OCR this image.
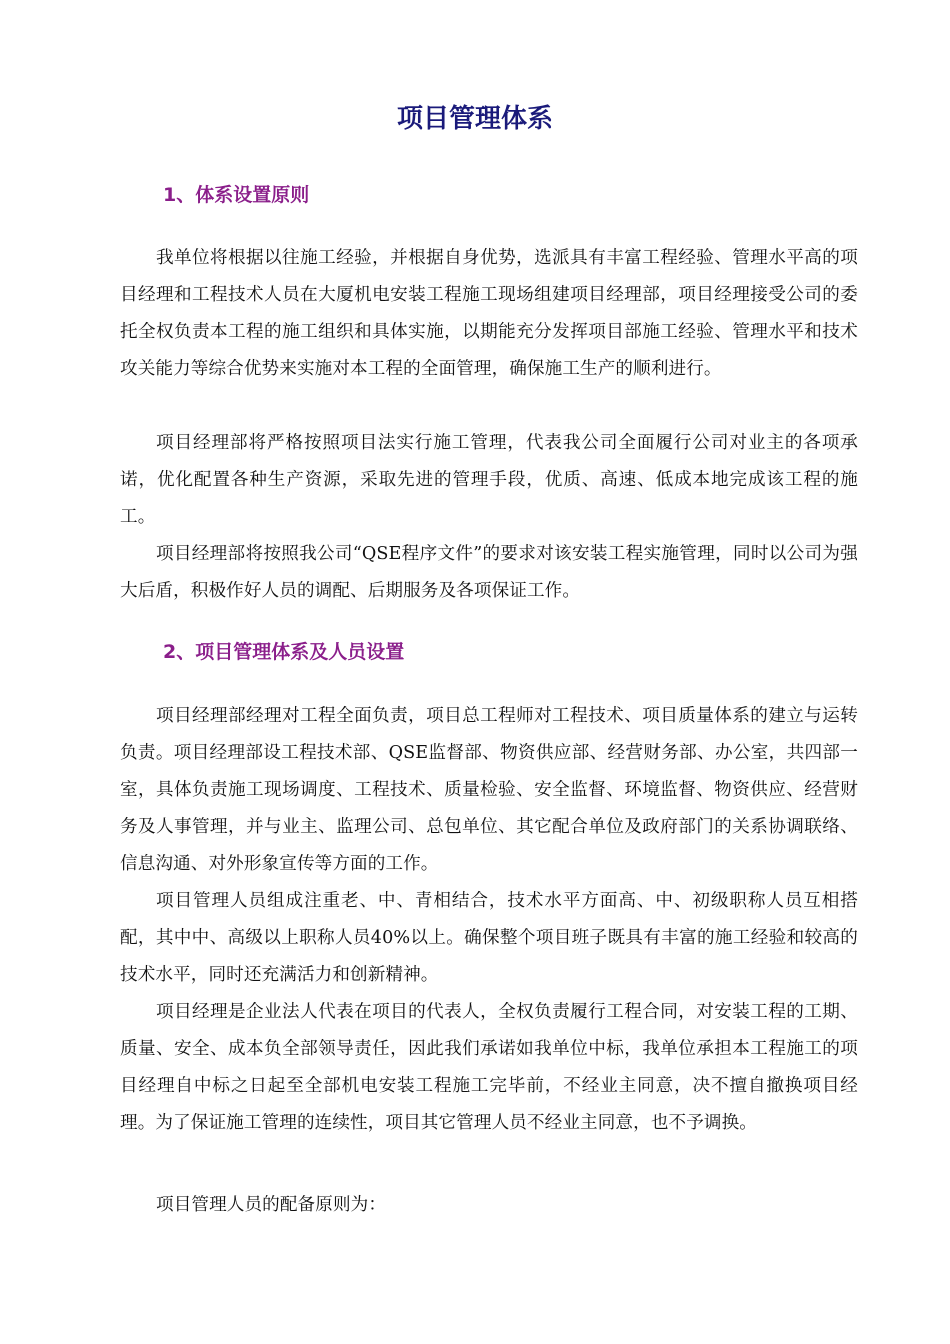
项目管理体系
1、体系设置原则

我单位将根据以往施工经验，并根据自身优势，选派具有丰富工程经验、管理水平高的项目经理和工程技术人员在大厦机电安装工程施工现场组建项目经理部，项目经理接受公司的委托全权负责本工程的施工组织和具体实施，以期能充分发挥项目部施工经验、管理水平和技术攻关能力等综合优势来实施对本工程的全面管理，确保施工生产的顺利进行。

项目经理部将严格按照项目法实行施工管理，代表我公司全面履行公司对业主的各项承诺，优化配置各种生产资源，采取先进的管理手段，优质、高速、低成本地完成该工程的施工。

项目经理部将按照我公司“QSE程序文件”的要求对该安装工程实施管理，同时以公司为强大后盾，积极作好人员的调配、后期服务及各项保证工作。

2、项目管理体系及人员设置

项目经理部经理对工程全面负责，项目总工程师对工程技术、项目质量体系的建立与运转负责。项目经理部设工程技术部、QSE监督部、物资供应部、经营财务部、办公室，共四部一室，具体负责施工现场调度、工程技术、质量检验、安全监督、环境监督、物资供应、经营财务及人事管理，并与业主、监理公司、总包单位、其它配合单位及政府部门的关系协调联络、信息沟通、对外形象宣传等方面的工作。

项目管理人员组成注重老、中、青相结合，技术水平方面高、中、初级职称人员互相搭配，其中中、高级以上职称人员40%以上。确保整个项目班子既具有丰富的施工经验和较高的技术水平，同时还充满活力和创新精神。

项目经理是企业法人代表在项目的代表人，全权负责履行工程合同，对安装工程的工期、质量、安全、成本负全部领导责任，因此我们承诺如我单位中标，我单位承担本工程施工的项目经理自中标之日起至全部机电安装工程施工完毕前，不经业主同意，决不擅自撤换项目经理。为了保证施工管理的连续性，项目其它管理人员不经业主同意，也不予调换。

项目管理人员的配备原则为：
